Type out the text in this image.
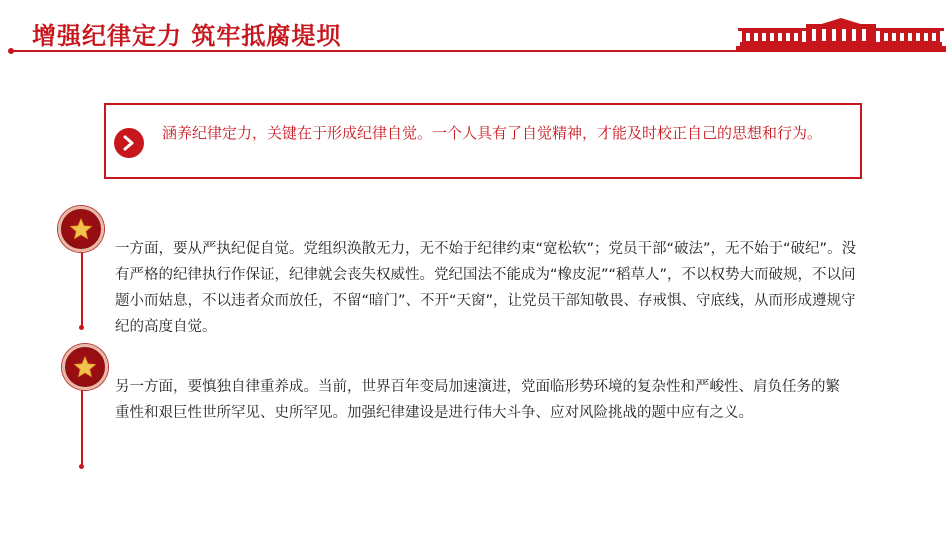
增强纪律定力 筑牢抵腐堤坝
涵养纪律定力，关键在于形成纪律自觉。一个人具有了自觉精神，才能及时校正自己的思想和行为。
一方面，要从严执纪促自觉。党组织涣散无力，无不始于纪律约束“宽松软”；党员干部“破法”，无不始于“破纪”。没有严格的纪律执行作保证，纪律就会丧失权威性。党纪国法不能成为“橡皮泥”“稻草人”，不以权势大而破规，不以问题小而姑息，不以违者众而放任，不留“暗门”、不开“天窗”，让党员干部知敬畏、存戒惧、守底线，从而形成遵规守纪的高度自觉。
另一方面，要慎独自律重养成。当前，世界百年变局加速演进，党面临形势环境的复杂性和严峻性、肩负任务的繁重性和艰巨性世所罕见、史所罕见。加强纪律建设是进行伟大斗争、应对风险挑战的题中应有之义。
